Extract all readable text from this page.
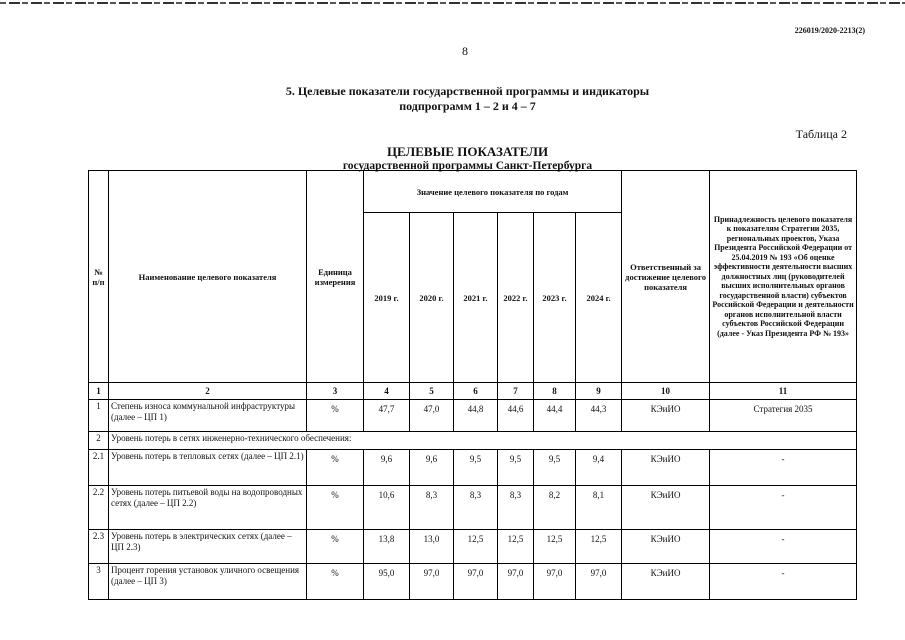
226019/2020-2213(2)
8
5. Целевые показатели государственной программы и индикаторы
подпрограмм 1 – 2 и 4 – 7
Таблица 2
ЦЕЛЕВЫЕ ПОКАЗАТЕЛИ
государственной программы Санкт-Петербурга
№ п/п	Наименование целевого показателя	Единица измерения	Значение целевого показателя по годам						Ответственный за достижение целевого показателя	Принадлежность целевого показателя к показателям Стратегии 2035, региональных проектов, Указа Президента Российской Федерации от 25.04.2019 № 193 «Об оценке эффективности деятельности высших должностных лиц (руководителей высших исполнительных органов государственной власти) субъектов Российской Федерации и деятельности органов исполнительной власти субъектов Российской Федерации (далее - Указ Президента РФ № 193»
			2019 г.	2020 г.	2021 г.	2022 г.	2023 г.	2024 г.		
1	2	3	4	5	6	7	8	9	10	11
1	Степень износа коммунальной инфраструктуры (далее – ЦП 1)	%	47,7	47,0	44,8	44,6	44,4	44,3	КЭиИО	Стратегия 2035
2	Уровень потерь в сетях инженерно-технического обеспечения:									
2.1	Уровень потерь в тепловых сетях (далее – ЦП 2.1)	%	9,6	9,6	9,5	9,5	9,5	9,4	КЭиИО	-
2.2	Уровень потерь питьевой воды на водопроводных сетях (далее – ЦП 2.2)	%	10,6	8,3	8,3	8,3	8,2	8,1	КЭиИО	-
2.3	Уровень потерь в электрических сетях (далее – ЦП 2.3)	%	13,8	13,0	12,5	12,5	12,5	12,5	КЭиИО	-
3	Процент горения установок уличного освещения (далее – ЦП 3)	%	95,0	97,0	97,0	97,0	97,0	97,0	КЭиИО	-
